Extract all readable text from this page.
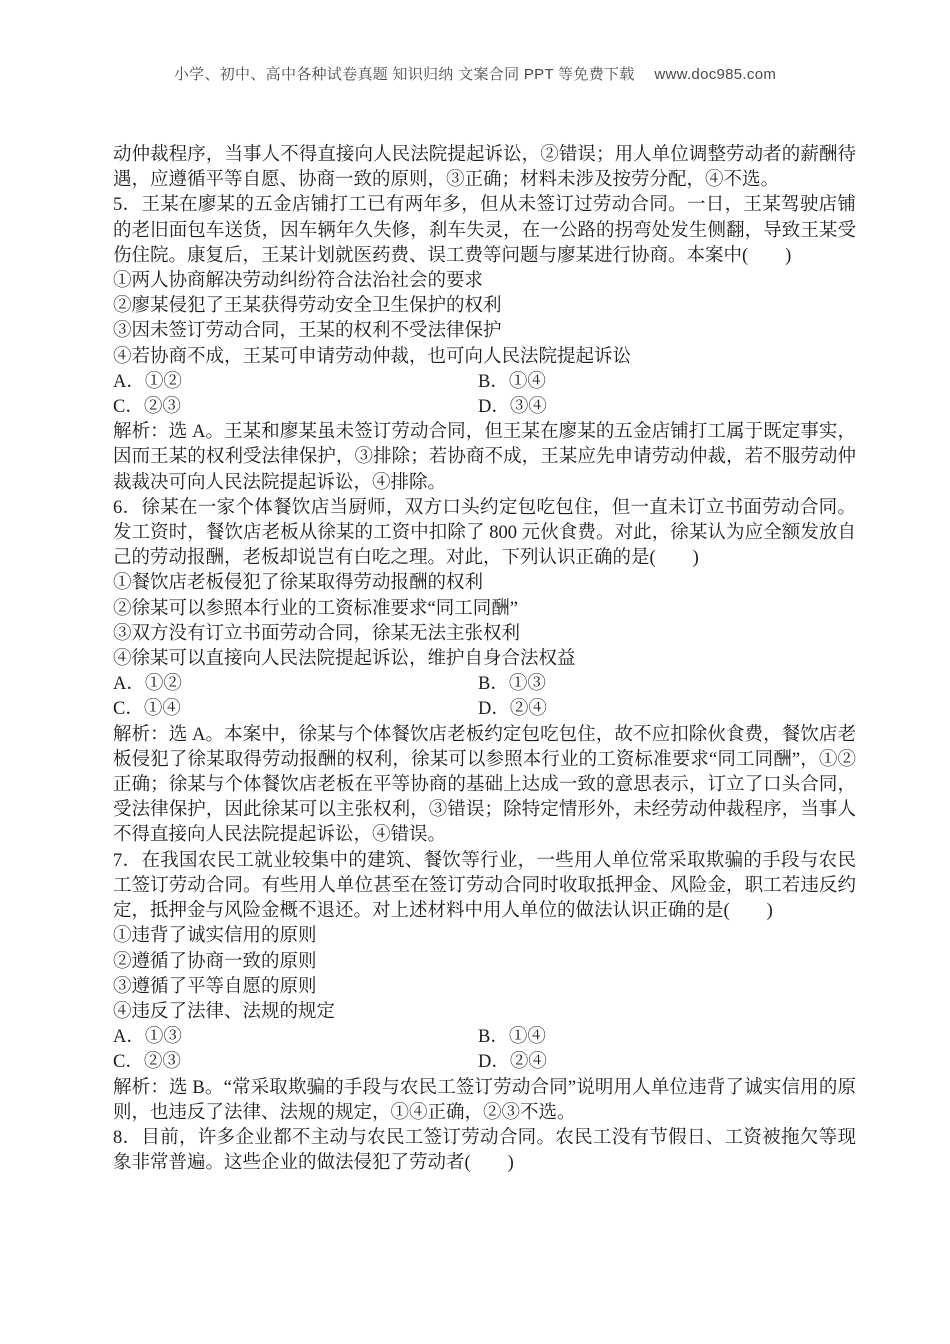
小学、初中、高中各种试卷真题 知识归纳 文案合同 PPT 等免费下载　 www.doc985.com

动仲裁程序，当事人不得直接向人民法院提起诉讼，②错误；用人单位调整劳动者的薪酬待遇，应遵循平等自愿、协商一致的原则，③正确；材料未涉及按劳分配，④不选。

5．王某在廖某的五金店铺打工已有两年多，但从未签订过劳动合同。一日，王某驾驶店铺的老旧面包车送货，因车辆年久失修，刹车失灵，在一公路的拐弯处发生侧翻，导致王某受伤住院。康复后，王某计划就医药费、误工费等问题与廖某进行协商。本案中(　　)

①两人协商解决劳动纠纷符合法治社会的要求

②廖某侵犯了王某获得劳动安全卫生保护的权利

③因未签订劳动合同，王某的权利不受法律保护

④若协商不成，王某可申请劳动仲裁，也可向人民法院提起诉讼

A．①②	B．①④
C．②③	D．③④

解析：选 A。王某和廖某虽未签订劳动合同，但王某在廖某的五金店铺打工属于既定事实，因而王某的权利受法律保护，③排除；若协商不成，王某应先申请劳动仲裁，若不服劳动仲裁裁决可向人民法院提起诉讼，④排除。

6．徐某在一家个体餐饮店当厨师，双方口头约定包吃包住，但一直未订立书面劳动合同。发工资时，餐饮店老板从徐某的工资中扣除了 800 元伙食费。对此，徐某认为应全额发放自己的劳动报酬，老板却说岂有白吃之理。对此，下列认识正确的是(　　)

①餐饮店老板侵犯了徐某取得劳动报酬的权利

②徐某可以参照本行业的工资标准要求“同工同酬”

③双方没有订立书面劳动合同，徐某无法主张权利

④徐某可以直接向人民法院提起诉讼，维护自身合法权益

A．①②	B．①③
C．①④	D．②④

解析：选 A。本案中，徐某与个体餐饮店老板约定包吃包住，故不应扣除伙食费，餐饮店老板侵犯了徐某取得劳动报酬的权利，徐某可以参照本行业的工资标准要求“同工同酬”，①②正确；徐某与个体餐饮店老板在平等协商的基础上达成一致的意思表示，订立了口头合同，受法律保护，因此徐某可以主张权利，③错误；除特定情形外，未经劳动仲裁程序，当事人不得直接向人民法院提起诉讼，④错误。

7．在我国农民工就业较集中的建筑、餐饮等行业，一些用人单位常采取欺骗的手段与农民工签订劳动合同。有些用人单位甚至在签订劳动合同时收取抵押金、风险金，职工若违反约定，抵押金与风险金概不退还。对上述材料中用人单位的做法认识正确的是(　　)

①违背了诚实信用的原则

②遵循了协商一致的原则

③遵循了平等自愿的原则

④违反了法律、法规的规定

A．①③	B．①④
C．②③	D．②④

解析：选 B。“常采取欺骗的手段与农民工签订劳动合同”说明用人单位违背了诚实信用的原则，也违反了法律、法规的规定，①④正确，②③不选。

8．目前，许多企业都不主动与农民工签订劳动合同。农民工没有节假日、工资被拖欠等现象非常普遍。这些企业的做法侵犯了劳动者(　　)
